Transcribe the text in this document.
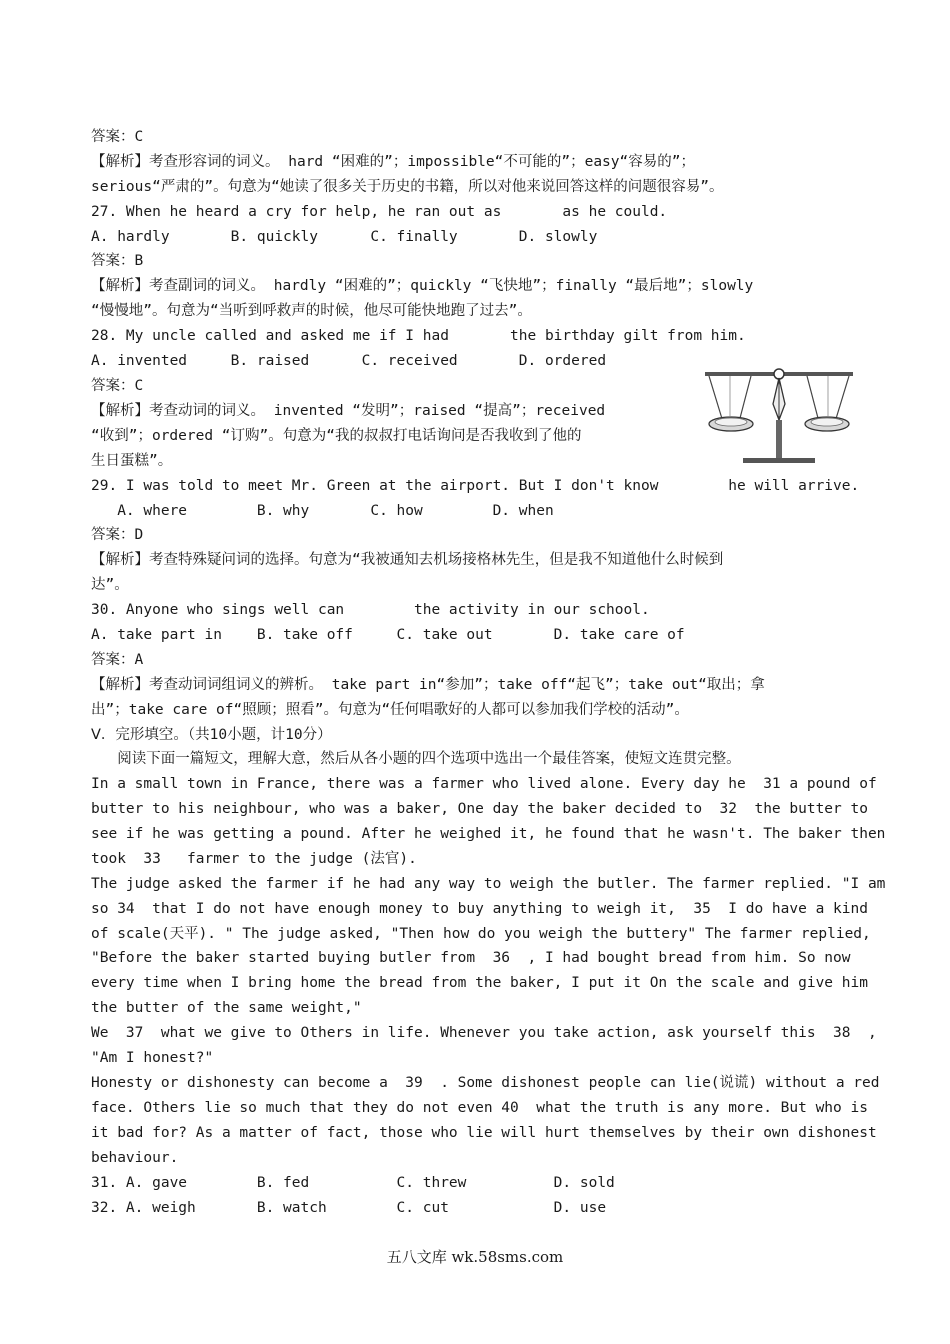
答案：C
【解析】考查形容词的词义。 hard “困难的”；impossible“不可能的”；easy“容易的”；
serious“严肃的”。句意为“她读了很多关于历史的书籍，所以对他来说回答这样的问题很容易”。
27. When he heard a cry for help, he ran out as       as he could.
A. hardly       B. quickly      C. finally       D. slowly
答案：B
【解析】考查副词的词义。 hardly “困难的”；quickly “飞快地”；finally “最后地”；slowly
“慢慢地”。句意为“当听到呼救声的时候，他尽可能快地跑了过去”。
28. My uncle called and asked me if I had       the birthday gilt from him.
A. invented     B. raised      C. received       D. ordered
答案：C
【解析】考查动词的词义。 invented “发明”；raised “提高”；received
“收到”；ordered “订购”。句意为“我的叔叔打电话询问是否我收到了他的
生日蛋糕”。
29. I was told to meet Mr. Green at the airport. But I don't know        he will arrive.
A. where        B. why       C. how        D. when
答案：D
【解析】考查特殊疑问词的选择。句意为“我被通知去机场接格林先生，但是我不知道他什么时候到
达”。
30. Anyone who sings well can        the activity in our school.
A. take part in    B. take off     C. take out       D. take care of
答案：A
【解析】考查动词词组词义的辨析。 take part in“参加”；take off“起飞”；take out“取出；拿
出”；take care of“照顾；照看”。句意为“任何唱歌好的人都可以参加我们学校的活动”。
Ⅴ．完形填空。（共10小题，计10分）
阅读下面一篇短文，理解大意，然后从各小题的四个选项中选出一个最佳答案，使短文连贯完整。
In a small town in France, there was a farmer who lived alone. Every day he  31 a pound of
butter to his neighbour, who was a baker, One day the baker decided to  32  the butter to
see if he was getting a pound. After he weighed it, he found that he wasn't. The baker then
took  33   farmer to the judge (法官).
The judge asked the farmer if he had any way to weigh the butler. The farmer replied. "I am
so 34  that I do not have enough money to buy anything to weigh it,  35  I do have a kind
of scale(天平). " The judge asked, "Then how do you weigh the buttery" The farmer replied,
"Before the baker started buying butler from  36  , I had bought bread from him. So now
every time when I bring home the bread from the baker, I put it On the scale and give him
the butter of the same weight,"
We  37  what we give to Others in life. Whenever you take action, ask yourself this  38  ,
"Am I honest?"
Honesty or dishonesty can become a  39  . Some dishonest people can lie(说谎) without a red
face. Others lie so much that they do not even 40  what the truth is any more. But who is
it bad for? As a matter of fact, those who lie will hurt themselves by their own dishonest
behaviour.
31. A. gave        B. fed          C. threw          D. sold
32. A. weigh       B. watch        C. cut            D. use
五八文库 wk.58sms.com
